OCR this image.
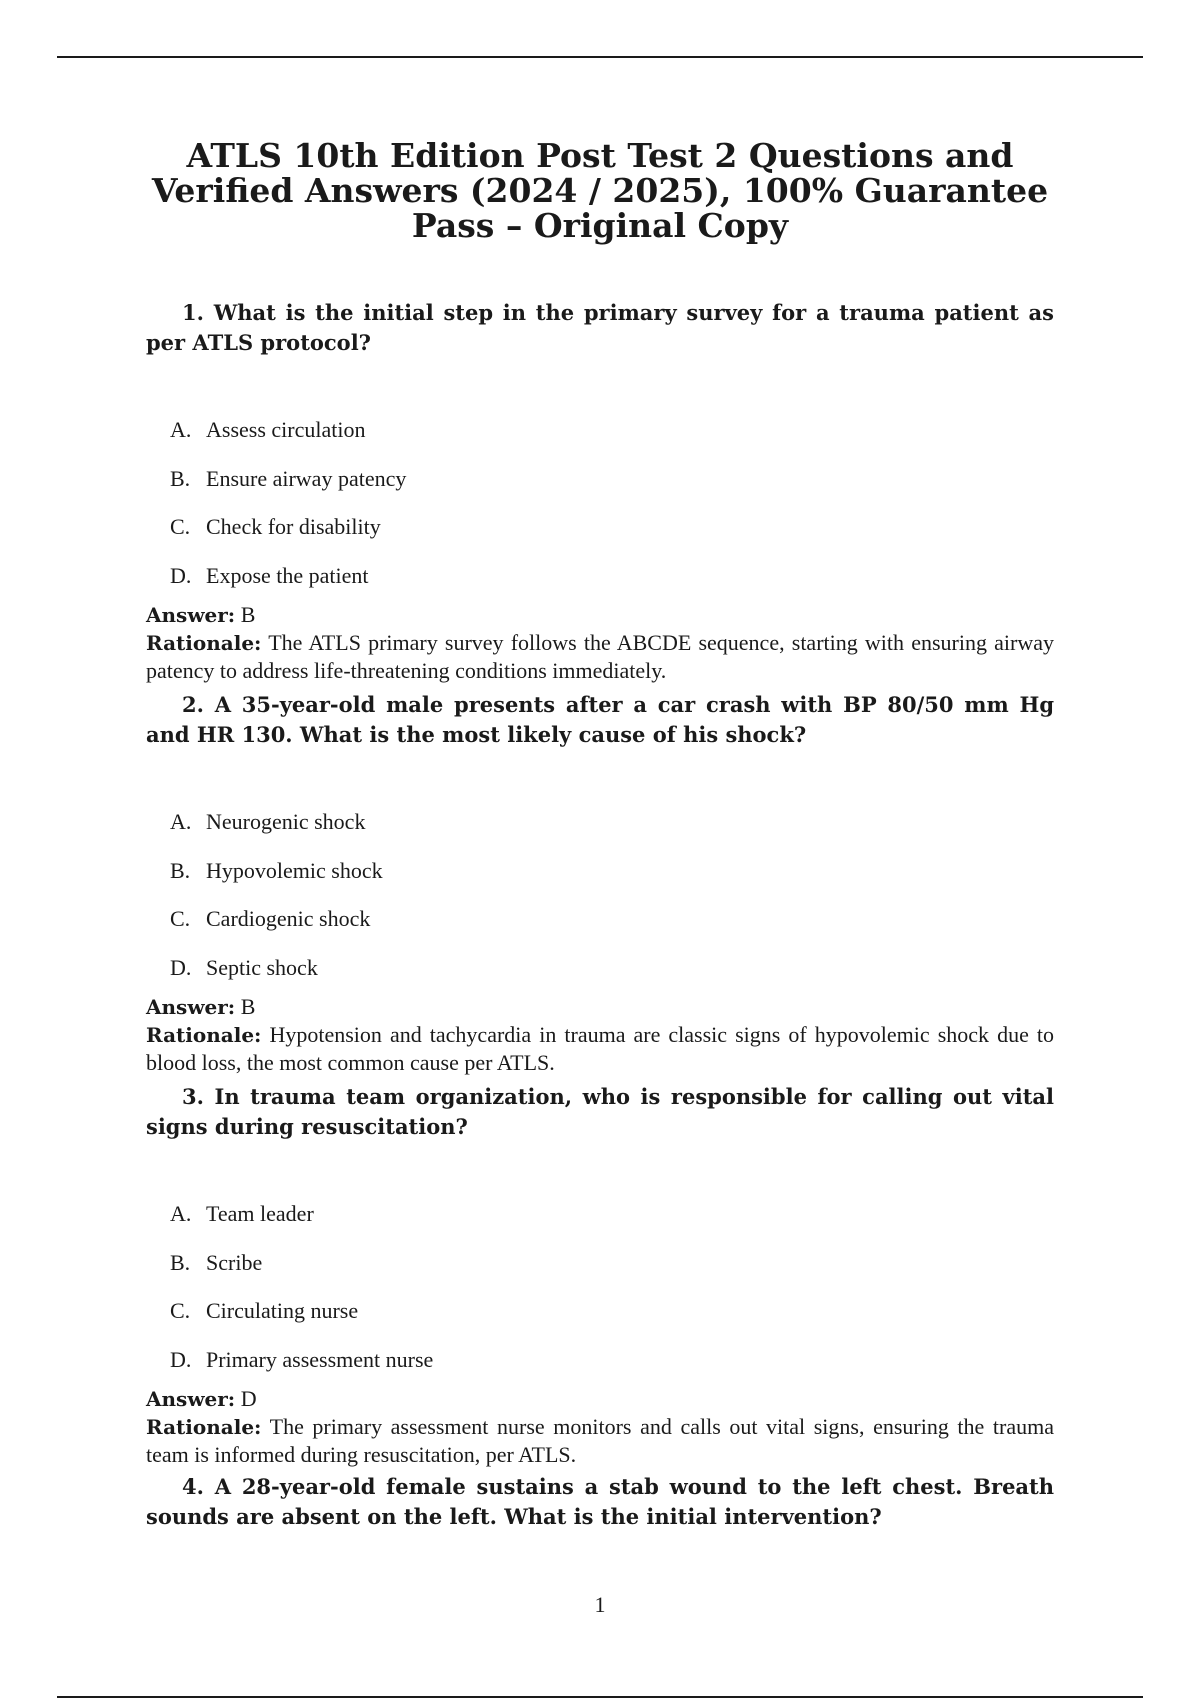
ATLS 10th Edition Post Test 2 Questions and
Verified Answers (2024 / 2025), 100% Guarantee
Pass – Original Copy

1. What is the initial step in the primary survey for a trauma patient as per ATLS protocol?

A. Assess circulation
B. Ensure airway patency
C. Check for disability
D. Expose the patient

Answer: B

Rationale: The ATLS primary survey follows the ABCDE sequence, starting with ensuring airway patency to address life-threatening conditions immediately.

2. A 35-year-old male presents after a car crash with BP 80/50 mm Hg and HR 130. What is the most likely cause of his shock?

A. Neurogenic shock
B. Hypovolemic shock
C. Cardiogenic shock
D. Septic shock

Answer: B

Rationale: Hypotension and tachycardia in trauma are classic signs of hypovolemic shock due to blood loss, the most common cause per ATLS.

3. In trauma team organization, who is responsible for calling out vital signs during resuscitation?

A. Team leader
B. Scribe
C. Circulating nurse
D. Primary assessment nurse

Answer: D

Rationale: The primary assessment nurse monitors and calls out vital signs, ensuring the trauma team is informed during resuscitation, per ATLS.

4. A 28-year-old female sustains a stab wound to the left chest. Breath sounds are absent on the left. What is the initial intervention?

1
